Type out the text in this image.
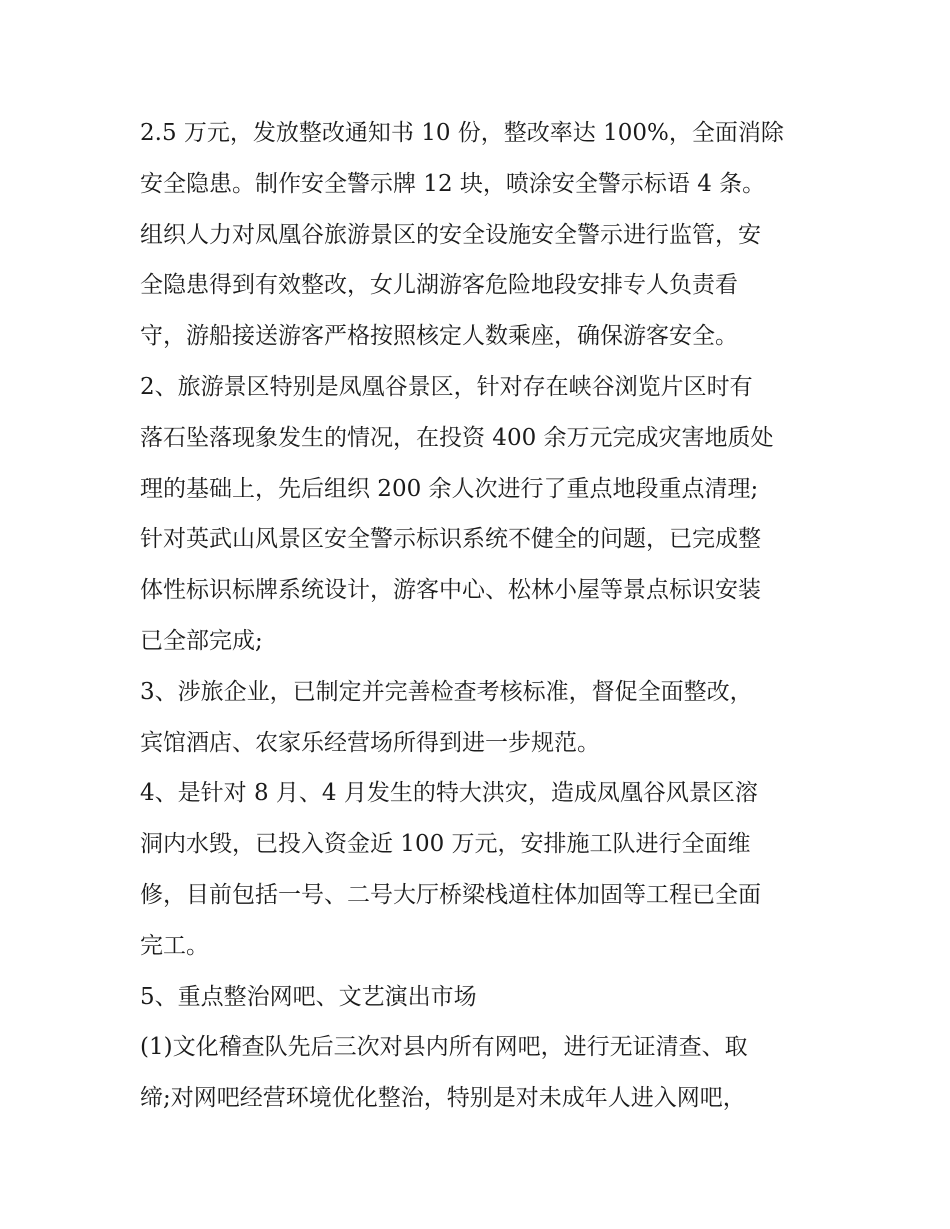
2.5 万元，发放整改通知书 10 份，整改率达 100%，全面消除
安全隐患。制作安全警示牌 12 块，喷涂安全警示标语 4 条。
组织人力对凤凰谷旅游景区的安全设施安全警示进行监管，安
全隐患得到有效整改，女儿湖游客危险地段安排专人负责看
守，游船接送游客严格按照核定人数乘座，确保游客安全。
2、旅游景区特别是凤凰谷景区，针对存在峡谷浏览片区时有
落石坠落现象发生的情况，在投资 400 余万元完成灾害地质处
理的基础上，先后组织 200 余人次进行了重点地段重点清理;
针对英武山风景区安全警示标识系统不健全的问题，已完成整
体性标识标牌系统设计，游客中心、松林小屋等景点标识安装
已全部完成;
3、涉旅企业，已制定并完善检查考核标准，督促全面整改，
宾馆酒店、农家乐经营场所得到进一步规范。
4、是针对 8 月、4 月发生的特大洪灾，造成凤凰谷风景区溶
洞内水毁，已投入资金近 100 万元，安排施工队进行全面维
修，目前包括一号、二号大厅桥梁栈道柱体加固等工程已全面
完工。
5、重点整治网吧、文艺演出市场
(1)文化稽查队先后三次对县内所有网吧，进行无证清查、取
缔;对网吧经营环境优化整治，特别是对未成年人进入网吧，
